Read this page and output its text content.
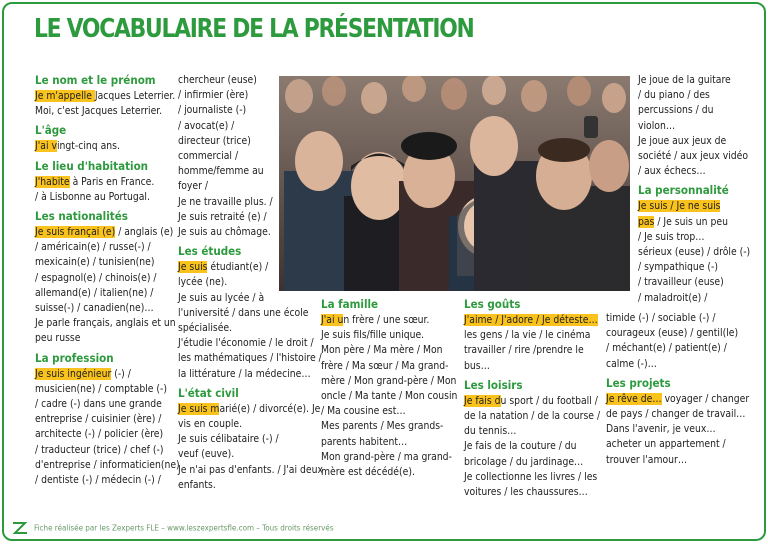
LE VOCABULAIRE DE LA PRÉSENTATION
Le nom et le prénom
Je m'appelle Jacques Leterrier.
Moi, c'est Jacques Leterrier.
L'âge
J'ai vingt-cinq ans.
Le lieu d'habitation
J'habite à Paris en France.
/ à Lisbonne au Portugal.
Les nationalités
Je suis françai (e) / anglais (e)
/ américain(e) / russe(-) /
mexicain(e) / tunisien(ne)
/ espagnol(e) / chinois(e) /
allemand(e) / italien(ne) /
suisse(-) / canadien(ne)…
Je parle français, anglais et un
peu russe
La profession
Je suis ingénieur (-) /
musicien(ne) / comptable (-)
/ cadre (-) dans une grande
entreprise / cuisinier (ère) /
architecte (-) / policier (ère)
/ traducteur (trice) / chef (-)
d'entreprise / informaticien(ne)
/ dentiste (-) / médecin (-) /
chercheur (euse)
/ infirmier (ère)
/ journaliste (-)
/ avocat(e) /
directeur (trice)
commercial /
homme/femme au
foyer /
Je ne travaille plus. /
Je suis retraité (e) /
Je suis au chômage.
Les études
Je suis étudiant(e) /
lycée (ne).
Je suis au lycée / à
l'université / dans une école
spécialisée.
J'étudie l'économie / le droit /
les mathématiques / l'histoire /
la littérature / la médecine…
L'état civil
Je suis marié(e) / divorcé(e). Je
vis en couple.
Je suis célibataire (-) /
veuf (euve).
Je n'ai pas d'enfants. / J'ai deux
enfants.
La famille
J'ai un frère / une sœur.
Je suis fils/fille unique.
Mon père / Ma mère / Mon
frère / Ma sœur / Ma grand-
mère / Mon grand-père / Mon
oncle / Ma tante / Mon cousin
/ Ma cousine est…
Mes parents / Mes grands-
parents habitent…
Mon grand-père / ma grand-
mère est décédé(e).
Les goûts
J'aime / J'adore / Je déteste…
les gens / la vie / le cinéma
travailler / rire /prendre le
bus…
Les loisirs
Je fais du sport / du football /
de la natation / de la course /
du tennis…
Je fais de la couture / du
bricolage / du jardinage…
Je collectionne les livres / les
voitures / les chaussures…
Je joue de la guitare
/ du piano / des
percussions / du
violon…
Je joue aux jeux de
société / aux jeux vidéo
/ aux échecs…
La personnalité
Je suis / Je ne suis
pas / Je suis un peu
/ Je suis trop…
sérieux (euse) / drôle (-)
/ sympathique (-)
/ travailleur (euse)
/ maladroit(e) /
timide (-) / sociable (-) /
courageux (euse) / gentil(le)
/ méchant(e) / patient(e) /
calme (-)…
Les projets
Je rêve de… voyager / changer
de pays / changer de travail…
Dans l'avenir, je veux…
acheter un appartement /
trouver l'amour…
Fiche réalisée par les Zexperts FLE – www.leszexpertsfle.com – Tous droits réservés
